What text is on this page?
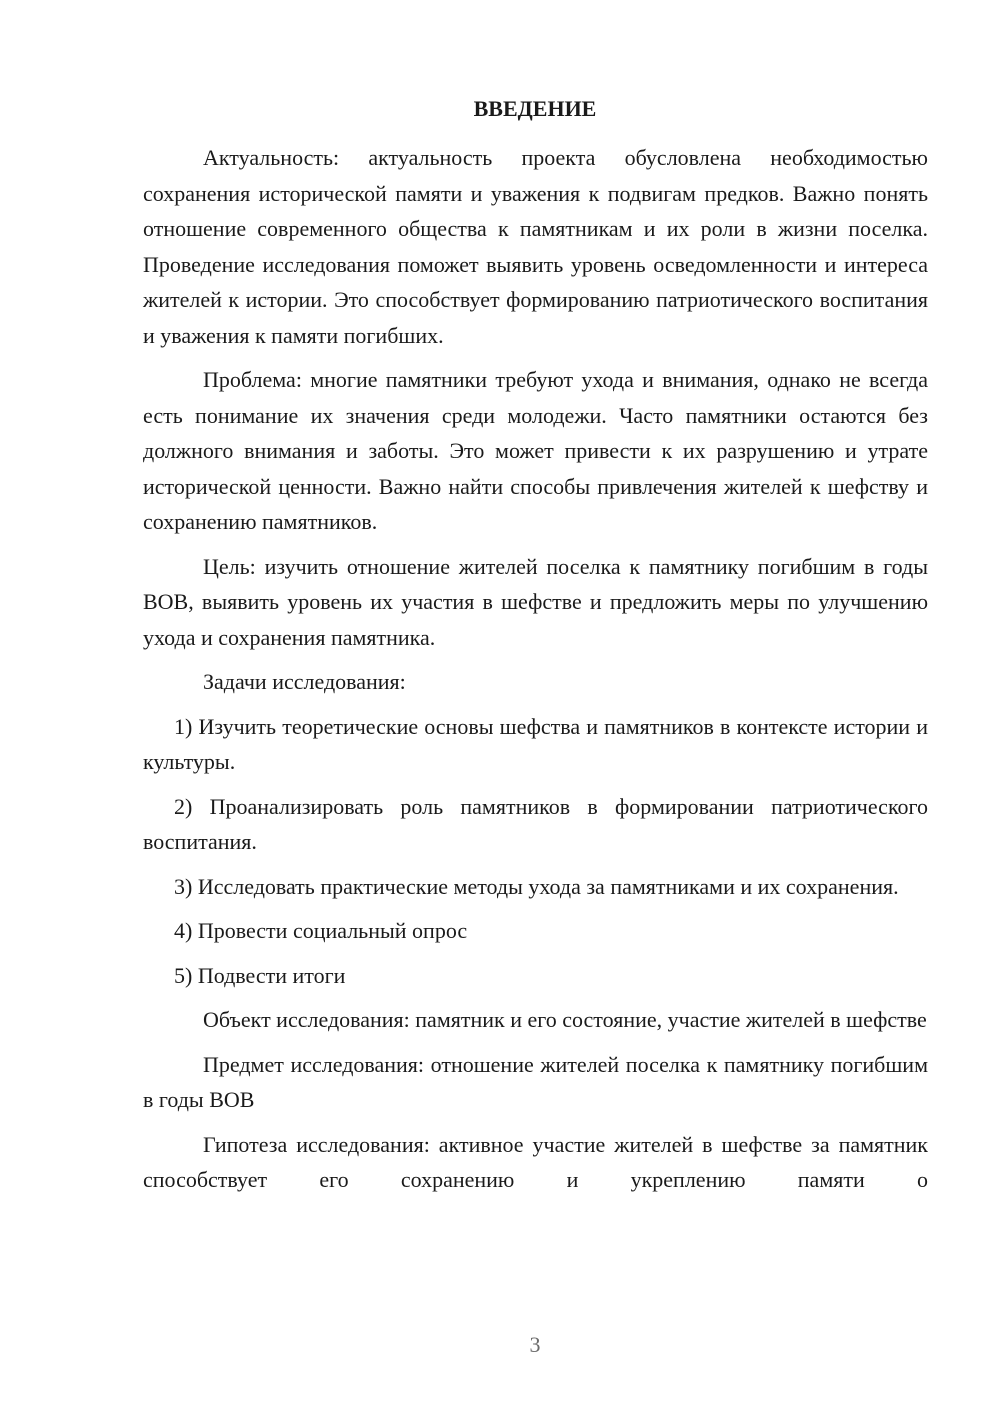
ВВЕДЕНИЕ

Актуальность: актуальность проекта обусловлена необходимостью сохранения исторической памяти и уважения к подвигам предков. Важно понять отношение современного общества к памятникам и их роли в жизни поселка. Проведение исследования поможет выявить уровень осведомленности и интереса жителей к истории. Это способствует формированию патриотического воспитания и уважения к памяти погибших.

Проблема: многие памятники требуют ухода и внимания, однако не всегда есть понимание их значения среди молодежи. Часто памятники остаются без должного внимания и заботы. Это может привести к их разрушению и утрате исторической ценности. Важно найти способы привлечения жителей к шефству и сохранению памятников.

Цель: изучить отношение жителей поселка к памятнику погибшим в годы ВОВ, выявить уровень их участия в шефстве и предложить меры по улучшению ухода и сохранения памятника.

Задачи исследования:

1) Изучить теоретические основы шефства и памятников в контексте истории и культуры.

2) Проанализировать роль памятников в формировании патриотического воспитания.

3) Исследовать практические методы ухода за памятниками и их сохранения.

4) Провести социальный опрос

5) Подвести итоги

Объект исследования: памятник и его состояние, участие жителей в шефстве

Предмет исследования: отношение жителей поселка к памятнику погибшим в годы ВОВ

Гипотеза исследования: активное участие жителей в шефстве за памятник способствует его сохранению и укреплению памяти о

3
